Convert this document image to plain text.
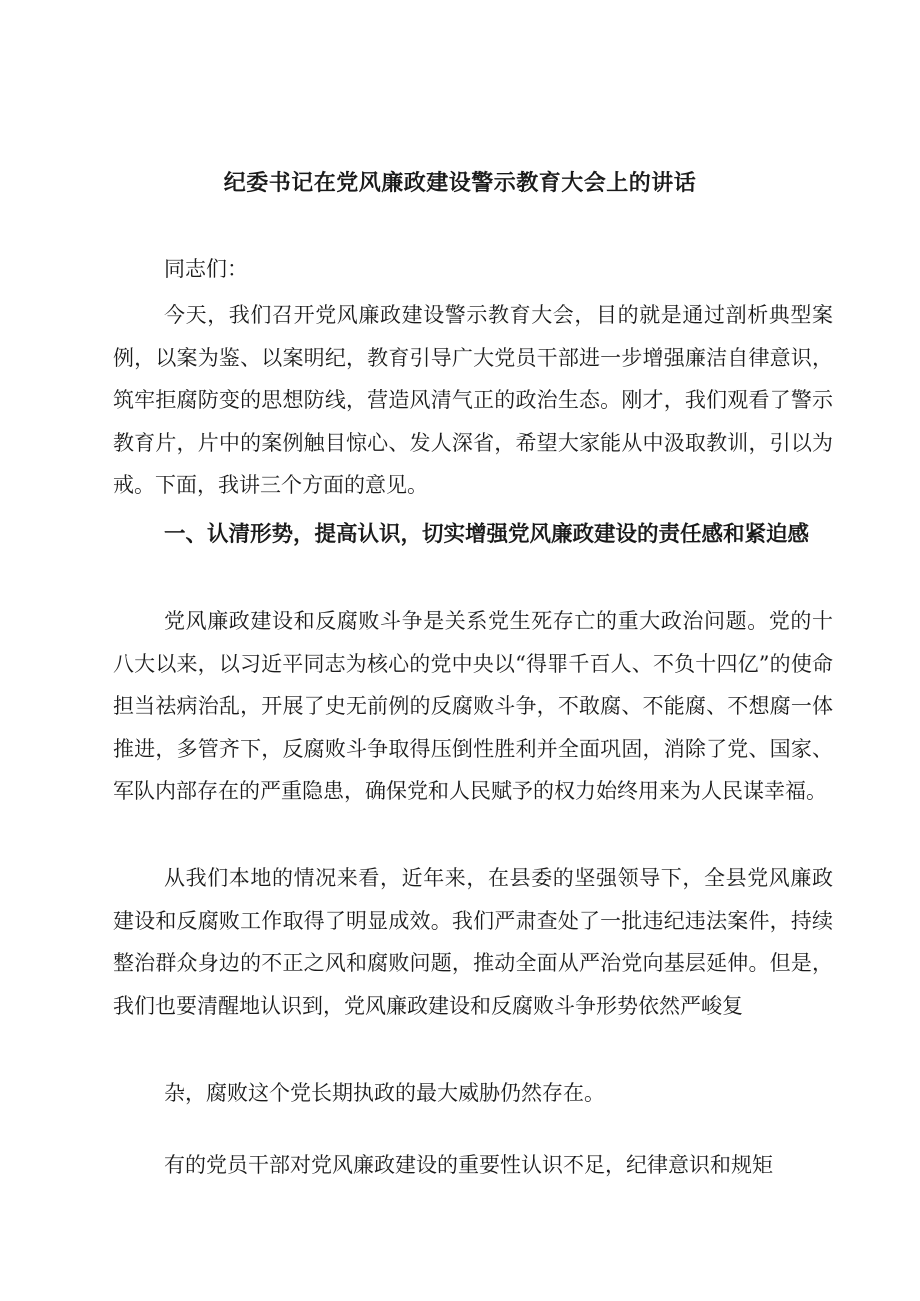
纪委书记在党风廉政建设警示教育大会上的讲话
同志们：

今天，我们召开党风廉政建设警示教育大会，目的就是通过剖析典型案例，以案为鉴、以案明纪，教育引导广大党员干部进一步增强廉洁自律意识，筑牢拒腐防变的思想防线，营造风清气正的政治生态。刚才，我们观看了警示教育片，片中的案例触目惊心、发人深省，希望大家能从中汲取教训，引以为戒。下面，我讲三个方面的意见。

一、认清形势，提高认识，切实增强党风廉政建设的责任感和紧迫感

党风廉政建设和反腐败斗争是关系党生死存亡的重大政治问题。党的十八大以来，以习近平同志为核心的党中央以“得罪千百人、不负十四亿”的使命担当祛病治乱，开展了史无前例的反腐败斗争，不敢腐、不能腐、不想腐一体推进，多管齐下，反腐败斗争取得压倒性胜利并全面巩固，消除了党、国家、军队内部存在的严重隐患，确保党和人民赋予的权力始终用来为人民谋幸福。

从我们本地的情况来看，近年来，在县委的坚强领导下，全县党风廉政建设和反腐败工作取得了明显成效。我们严肃查处了一批违纪违法案件，持续整治群众身边的不正之风和腐败问题，推动全面从严治党向基层延伸。但是，我们也要清醒地认识到，党风廉政建设和反腐败斗争形势依然严峻复

杂，腐败这个党长期执政的最大威胁仍然存在。

有的党员干部对党风廉政建设的重要性认识不足，纪律意识和规矩
